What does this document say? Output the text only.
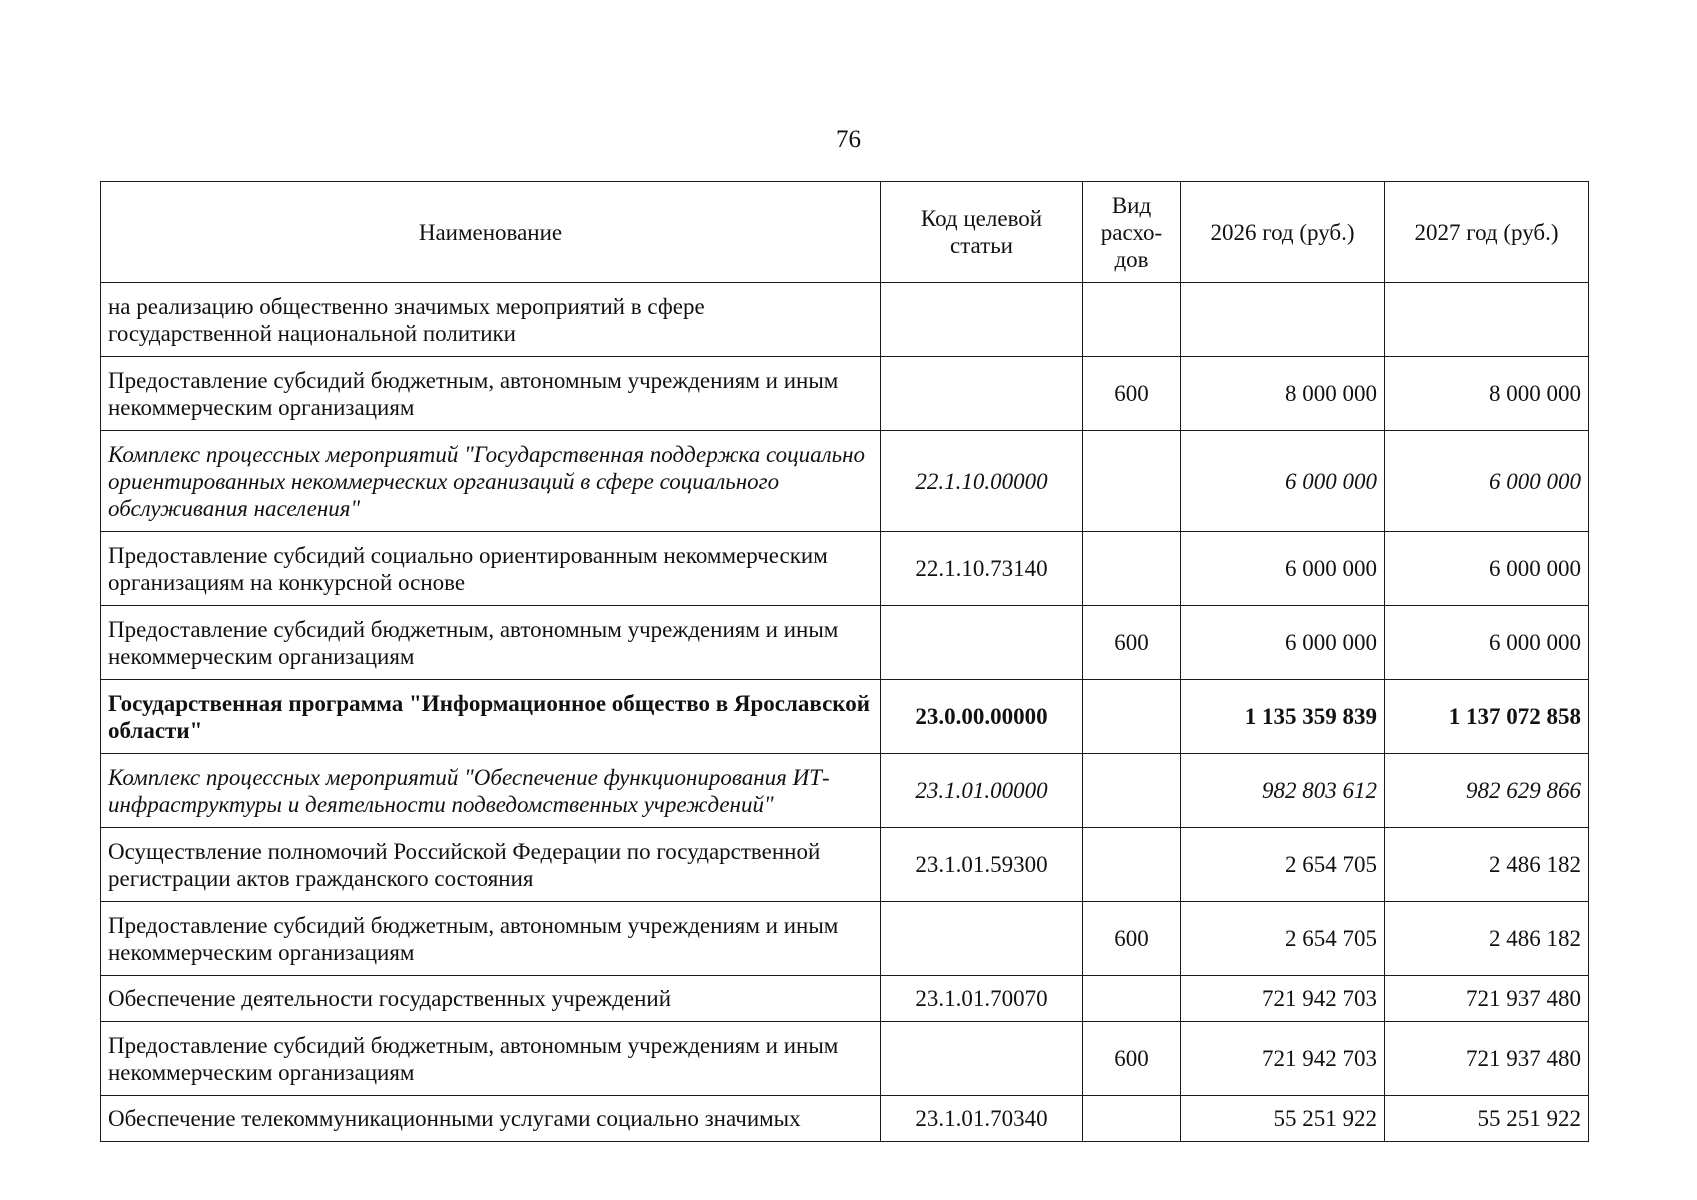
76
Наименование	Код целевой статьи	Вид расхо-дов	2026 год (руб.)	2027 год (руб.)
на реализацию общественно значимых мероприятий в сфере государственной национальной политики				
Предоставление субсидий бюджетным, автономным учреждениям и иным некоммерческим организациям		600	8 000 000	8 000 000
Комплекс процессных мероприятий "Государственная поддержка социально ориентированных некоммерческих организаций в сфере социального обслуживания населения"	22.1.10.00000		6 000 000	6 000 000
Предоставление субсидий социально ориентированным некоммерческим организациям на конкурсной основе	22.1.10.73140		6 000 000	6 000 000
Предоставление субсидий бюджетным, автономным учреждениям и иным некоммерческим организациям		600	6 000 000	6 000 000
Государственная программа "Информационное общество в Ярославской области"	23.0.00.00000		1 135 359 839	1 137 072 858
Комплекс процессных мероприятий "Обеспечение функционирования ИТ-инфраструктуры и деятельности подведомственных учреждений"	23.1.01.00000		982 803 612	982 629 866
Осуществление полномочий Российской Федерации по государственной регистрации актов гражданского состояния	23.1.01.59300		2 654 705	2 486 182
Предоставление субсидий бюджетным, автономным учреждениям и иным некоммерческим организациям		600	2 654 705	2 486 182
Обеспечение деятельности государственных учреждений	23.1.01.70070		721 942 703	721 937 480
Предоставление субсидий бюджетным, автономным учреждениям и иным некоммерческим организациям		600	721 942 703	721 937 480
Обеспечение телекоммуникационными услугами социально значимых	23.1.01.70340		55 251 922	55 251 922
